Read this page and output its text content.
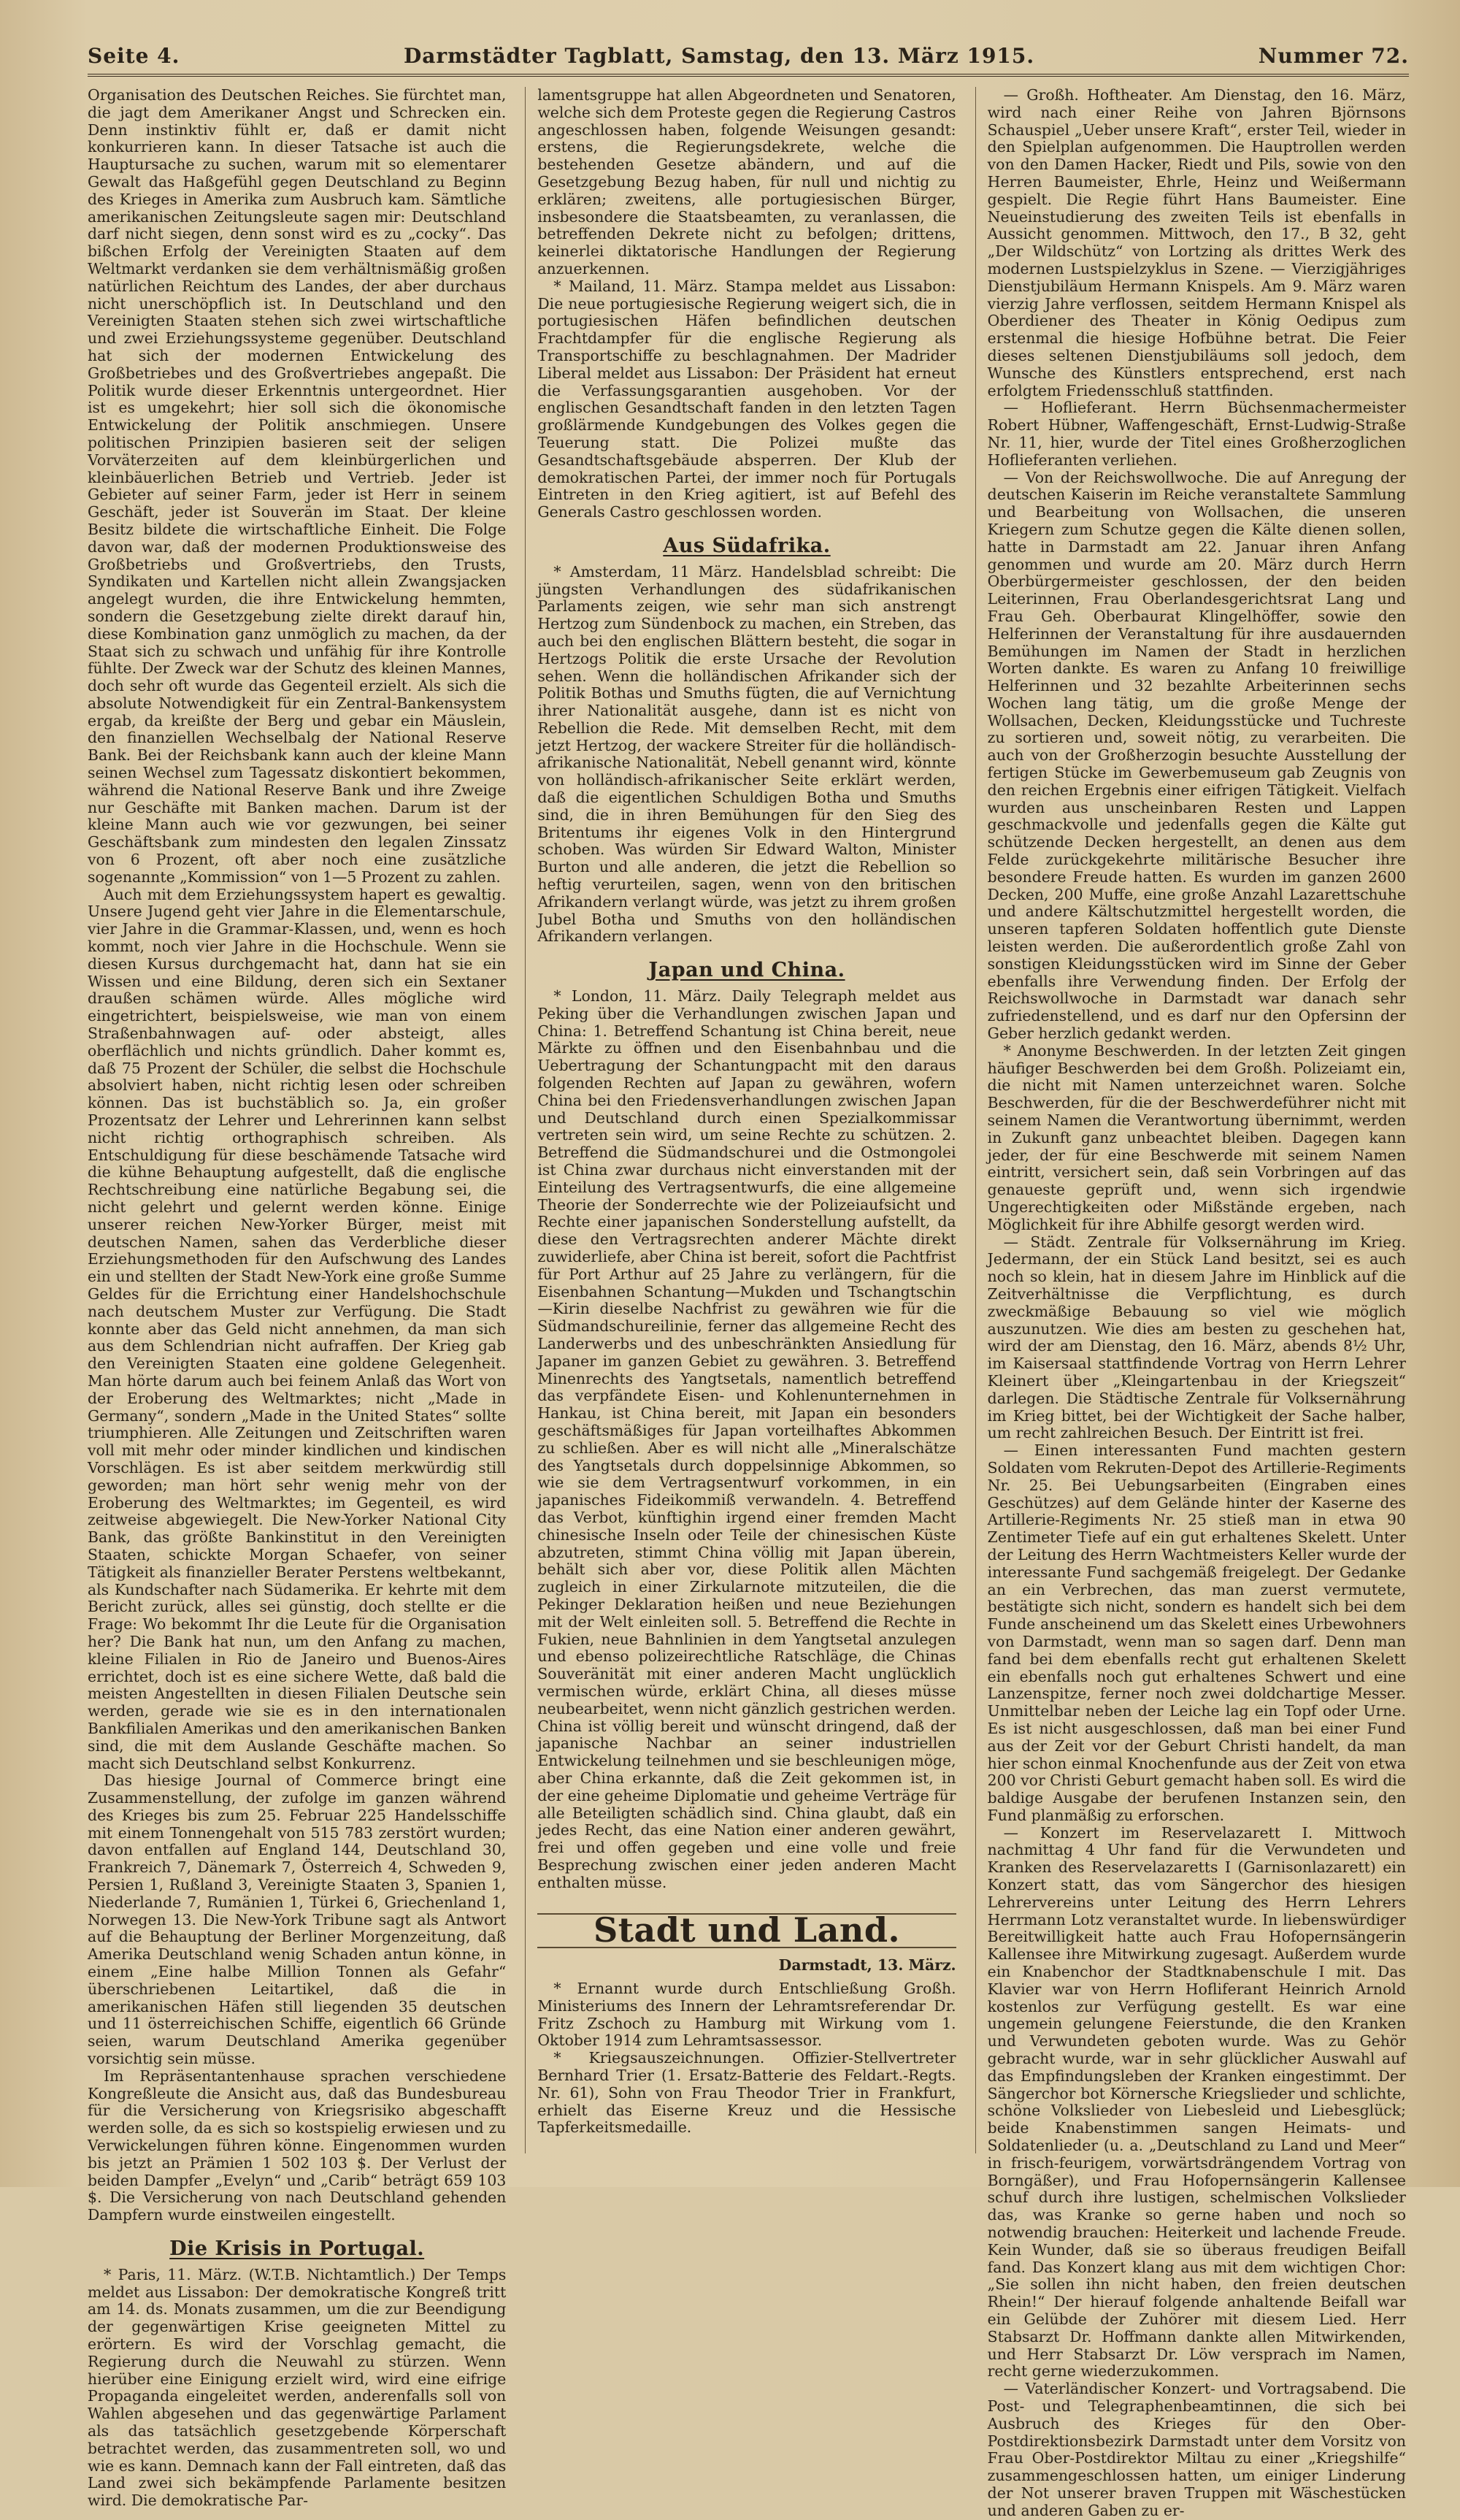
Seite 4.	Darmstädter Tagblatt, Samstag, den 13. März 1915.	Nummer 72.

Organisation des Deutschen Reiches. Sie fürchtet man, die jagt dem Amerikaner Angst und Schrecken ein. Denn instinktiv fühlt er, daß er damit nicht konkurrieren kann. In dieser Tatsache ist auch die Hauptursache zu suchen, warum mit so elementarer Gewalt das Haßgefühl gegen Deutschland zu Beginn des Krieges in Amerika zum Ausbruch kam. Sämtliche amerikanischen Zeitungsleute sagen mir: Deutschland darf nicht siegen, denn sonst wird es zu „cocky“. Das bißchen Erfolg der Vereinigten Staaten auf dem Weltmarkt verdanken sie dem verhältnismäßig großen natürlichen Reichtum des Landes, der aber durchaus nicht unerschöpflich ist. In Deutschland und den Vereinigten Staaten stehen sich zwei wirtschaftliche und zwei Erziehungssysteme gegenüber. Deutschland hat sich der modernen Entwickelung des Großbetriebes und des Großvertriebes angepaßt. Die Politik wurde dieser Erkenntnis untergeordnet. Hier ist es umgekehrt; hier soll sich die ökonomische Entwickelung der Politik anschmiegen. Unsere politischen Prinzipien basieren seit der seligen Vorväterzeiten auf dem kleinbürgerlichen und kleinbäuerlichen Betrieb und Vertrieb. Jeder ist Gebieter auf seiner Farm, jeder ist Herr in seinem Geschäft, jeder ist Souverän im Staat. Der kleine Besitz bildete die wirtschaftliche Einheit. Die Folge davon war, daß der modernen Produktionsweise des Großbetriebs und Großvertriebs, den Trusts, Syndikaten und Kartellen nicht allein Zwangsjacken angelegt wurden, die ihre Entwickelung hemmten, sondern die Gesetzgebung zielte direkt darauf hin, diese Kombination ganz unmöglich zu machen, da der Staat sich zu schwach und unfähig für ihre Kontrolle fühlte. Der Zweck war der Schutz des kleinen Mannes, doch sehr oft wurde das Gegenteil erzielt. Als sich die absolute Notwendigkeit für ein Zentral-Bankensystem ergab, da kreißte der Berg und gebar ein Mäuslein, den finanziellen Wechselbalg der National Reserve Bank. Bei der Reichsbank kann auch der kleine Mann seinen Wechsel zum Tagessatz diskontiert bekommen, während die National Reserve Bank und ihre Zweige nur Geschäfte mit Banken machen. Darum ist der kleine Mann auch wie vor gezwungen, bei seiner Geschäftsbank zum mindesten den legalen Zinssatz von 6 Prozent, oft aber noch eine zusätzliche sogenannte „Kommission“ von 1—5 Prozent zu zahlen.

Auch mit dem Erziehungssystem hapert es gewaltig. Unsere Jugend geht vier Jahre in die Elementarschule, vier Jahre in die Grammar-Klassen, und, wenn es hoch kommt, noch vier Jahre in die Hochschule. Wenn sie diesen Kursus durchgemacht hat, dann hat sie ein Wissen und eine Bildung, deren sich ein Sextaner draußen schämen würde. Alles mögliche wird eingetrichtert, beispielsweise, wie man von einem Straßenbahnwagen auf- oder absteigt, alles oberflächlich und nichts gründlich. Daher kommt es, daß 75 Prozent der Schüler, die selbst die Hochschule absolviert haben, nicht richtig lesen oder schreiben können. Das ist buchstäblich so. Ja, ein großer Prozentsatz der Lehrer und Lehrerinnen kann selbst nicht richtig orthographisch schreiben. Als Entschuldigung für diese beschämende Tatsache wird die kühne Behauptung aufgestellt, daß die englische Rechtschreibung eine natürliche Begabung sei, die nicht gelehrt und gelernt werden könne. Einige unserer reichen New-Yorker Bürger, meist mit deutschen Namen, sahen das Verderbliche dieser Erziehungsmethoden für den Aufschwung des Landes ein und stellten der Stadt New-York eine große Summe Geldes für die Errichtung einer Handelshochschule nach deutschem Muster zur Verfügung. Die Stadt konnte aber das Geld nicht annehmen, da man sich aus dem Schlendrian nicht aufraffen. Der Krieg gab den Vereinigten Staaten eine goldene Gelegenheit. Man hörte darum auch bei feinem Anlaß das Wort von der Eroberung des Weltmarktes; nicht „Made in Germany“, sondern „Made in the United States“ sollte triumphieren. Alle Zeitungen und Zeitschriften waren voll mit mehr oder minder kindlichen und kindischen Vorschlägen. Es ist aber seitdem merkwürdig still geworden; man hört sehr wenig mehr von der Eroberung des Weltmarktes; im Gegenteil, es wird zeitweise abgewiegelt. Die New-Yorker National City Bank, das größte Bankinstitut in den Vereinigten Staaten, schickte Morgan Schaefer, von seiner Tätigkeit als finanzieller Berater Perstens weltbekannt, als Kundschafter nach Südamerika. Er kehrte mit dem Bericht zurück, alles sei günstig, doch stellte er die Frage: Wo bekommt Ihr die Leute für die Organisation her? Die Bank hat nun, um den Anfang zu machen, kleine Filialen in Rio de Janeiro und Buenos-Aires errichtet, doch ist es eine sichere Wette, daß bald die meisten Angestellten in diesen Filialen Deutsche sein werden, gerade wie sie es in den internationalen Bankfilialen Amerikas und den amerikanischen Banken sind, die mit dem Auslande Geschäfte machen. So macht sich Deutschland selbst Konkurrenz.

Das hiesige Journal of Commerce bringt eine Zusammenstellung, der zufolge im ganzen während des Krieges bis zum 25. Februar 225 Handelsschiffe mit einem Tonnengehalt von 515 783 zerstört wurden; davon entfallen auf England 144, Deutschland 30, Frankreich 7, Dänemark 7, Österreich 4, Schweden 9, Persien 1, Rußland 3, Vereinigte Staaten 3, Spanien 1, Niederlande 7, Rumänien 1, Türkei 6, Griechenland 1, Norwegen 13. Die New-York Tribune sagt als Antwort auf die Behauptung der Berliner Morgenzeitung, daß Amerika Deutschland wenig Schaden antun könne, in einem „Eine halbe Million Tonnen als Gefahr“ überschriebenen Leitartikel, daß die in amerikanischen Häfen still liegenden 35 deutschen und 11 österreichischen Schiffe, eigentlich 66 Gründe seien, warum Deutschland Amerika gegenüber vorsichtig sein müsse.

Im Repräsentantenhause sprachen verschiedene Kongreßleute die Ansicht aus, daß das Bundesbureau für die Versicherung von Kriegsrisiko abgeschafft werden solle, da es sich so kostspielig erwiesen und zu Verwickelungen führen könne. Eingenommen wurden bis jetzt an Prämien 1 502 103 $. Der Verlust der beiden Dampfer „Evelyn“ und „Carib“ beträgt 659 103 $. Die Versicherung von nach Deutschland gehenden Dampfern wurde einstweilen eingestellt.

Die Krisis in Portugal.

* Paris, 11. März. (W.T.B. Nichtamtlich.) Der Temps meldet aus Lissabon: Der demokratische Kongreß tritt am 14. ds. Monats zusammen, um die zur Beendigung der gegenwärtigen Krise geeigneten Mittel zu erörtern. Es wird der Vorschlag gemacht, die Regierung durch die Neuwahl zu stürzen. Wenn hierüber eine Einigung erzielt wird, wird eine eifrige Propaganda eingeleitet werden, anderenfalls soll von Wahlen abgesehen und das gegenwärtige Parlament als das tatsächlich gesetzgebende Körperschaft betrachtet werden, das zusammentreten soll, wo und wie es kann. Demnach kann der Fall eintreten, daß das Land zwei sich bekämpfende Parlamente besitzen wird. Die demokratische Par-

lamentsgruppe hat allen Abgeordneten und Senatoren, welche sich dem Proteste gegen die Regierung Castros angeschlossen haben, folgende Weisungen gesandt: erstens, die Regierungsdekrete, welche die bestehenden Gesetze abändern, und auf die Gesetzgebung Bezug haben, für null und nichtig zu erklären; zweitens, alle portugiesischen Bürger, insbesondere die Staatsbeamten, zu veranlassen, die betreffenden Dekrete nicht zu befolgen; drittens, keinerlei diktatorische Handlungen der Regierung anzuerkennen.

* Mailand, 11. März. Stampa meldet aus Lissabon: Die neue portugiesische Regierung weigert sich, die in portugiesischen Häfen befindlichen deutschen Frachtdampfer für die englische Regierung als Transportschiffe zu beschlagnahmen. Der Madrider Liberal meldet aus Lissabon: Der Präsident hat erneut die Verfassungsgarantien ausgehoben. Vor der englischen Gesandtschaft fanden in den letzten Tagen großlärmende Kundgebungen des Volkes gegen die Teuerung statt. Die Polizei mußte das Gesandtschaftsgebäude absperren. Der Klub der demokratischen Partei, der immer noch für Portugals Eintreten in den Krieg agitiert, ist auf Befehl des Generals Castro geschlossen worden.

Aus Südafrika.

* Amsterdam, 11 März. Handelsblad schreibt: Die jüngsten Verhandlungen des südafrikanischen Parlaments zeigen, wie sehr man sich anstrengt Hertzog zum Sündenbock zu machen, ein Streben, das auch bei den englischen Blättern besteht, die sogar in Hertzogs Politik die erste Ursache der Revolution sehen. Wenn die holländischen Afrikander sich der Politik Bothas und Smuths fügten, die auf Vernichtung ihrer Nationalität ausgehe, dann ist es nicht von Rebellion die Rede. Mit demselben Recht, mit dem jetzt Hertzog, der wackere Streiter für die holländisch-afrikanische Nationalität, Nebell genannt wird, könnte von holländisch-afrikanischer Seite erklärt werden, daß die eigentlichen Schuldigen Botha und Smuths sind, die in ihren Bemühungen für den Sieg des Britentums ihr eigenes Volk in den Hintergrund schoben. Was würden Sir Edward Walton, Minister Burton und alle anderen, die jetzt die Rebellion so heftig verurteilen, sagen, wenn von den britischen Afrikandern verlangt würde, was jetzt zu ihrem großen Jubel Botha und Smuths von den holländischen Afrikandern verlangen.

Japan und China.

* London, 11. März. Daily Telegraph meldet aus Peking über die Verhandlungen zwischen Japan und China: 1. Betreffend Schantung ist China bereit, neue Märkte zu öffnen und den Eisenbahnbau und die Uebertragung der Schantungpacht mit den daraus folgenden Rechten auf Japan zu gewähren, wofern China bei den Friedensverhandlungen zwischen Japan und Deutschland durch einen Spezialkommissar vertreten sein wird, um seine Rechte zu schützen. 2. Betreffend die Südmandschurei und die Ostmongolei ist China zwar durchaus nicht einverstanden mit der Einteilung des Vertragsentwurfs, die eine allgemeine Theorie der Sonderrechte wie der Polizeiaufsicht und Rechte einer japanischen Sonderstellung aufstellt, da diese den Vertragsrechten anderer Mächte direkt zuwiderliefe, aber China ist bereit, sofort die Pachtfrist für Port Arthur auf 25 Jahre zu verlängern, für die Eisenbahnen Schantung—Mukden und Tschangtschin—Kirin dieselbe Nachfrist zu gewähren wie für die Südmandschureilinie, ferner das allgemeine Recht des Landerwerbs und des unbeschränkten Ansiedlung für Japaner im ganzen Gebiet zu gewähren. 3. Betreffend Minenrechts des Yangtsetals, namentlich betreffend das verpfändete Eisen- und Kohlenunternehmen in Hankau, ist China bereit, mit Japan ein besonders geschäftsmäßiges für Japan vorteilhaftes Abkommen zu schließen. Aber es will nicht alle „Mineralschätze des Yangtsetals durch doppelsinnige Abkommen, so wie sie dem Vertragsentwurf vorkommen, in ein japanisches Fideikommiß verwandeln. 4. Betreffend das Verbot, künftighin irgend einer fremden Macht chinesische Inseln oder Teile der chinesischen Küste abzutreten, stimmt China völlig mit Japan überein, behält sich aber vor, diese Politik allen Mächten zugleich in einer Zirkularnote mitzuteilen, die die Pekinger Deklaration heißen und neue Beziehungen mit der Welt einleiten soll. 5. Betreffend die Rechte in Fukien, neue Bahnlinien in dem Yangtsetal anzulegen und ebenso polizeirechtliche Ratschläge, die Chinas Souveränität mit einer anderen Macht unglücklich vermischen würde, erklärt China, all dieses müsse neubearbeitet, wenn nicht gänzlich gestrichen werden. China ist völlig bereit und wünscht dringend, daß der japanische Nachbar an seiner industriellen Entwickelung teilnehmen und sie beschleunigen möge, aber China erkannte, daß die Zeit gekommen ist, in der eine geheime Diplomatie und geheime Verträge für alle Beteiligten schädlich sind. China glaubt, daß ein jedes Recht, das eine Nation einer anderen gewährt, frei und offen gegeben und eine volle und freie Besprechung zwischen einer jeden anderen Macht enthalten müsse.

Stadt und Land.
Darmstadt, 13. März.

* Ernannt wurde durch Entschließung Großh. Ministeriums des Innern der Lehramtsreferendar Dr. Fritz Zschoch zu Hamburg mit Wirkung vom 1. Oktober 1914 zum Lehramtsassessor.

* Kriegsauszeichnungen. Offizier-Stellvertreter Bernhard Trier (1. Ersatz-Batterie des Feldart.-Regts. Nr. 61), Sohn von Frau Theodor Trier in Frankfurt, erhielt das Eiserne Kreuz und die Hessische Tapferkeitsmedaille.

— Großh. Hoftheater. Am Dienstag, den 16. März, wird nach einer Reihe von Jahren Björnsons Schauspiel „Ueber unsere Kraft“, erster Teil, wieder in den Spielplan aufgenommen. Die Hauptrollen werden von den Damen Hacker, Riedt und Pils, sowie von den Herren Baumeister, Ehrle, Heinz und Weißermann gespielt. Die Regie führt Hans Baumeister. Eine Neueinstudierung des zweiten Teils ist ebenfalls in Aussicht genommen. Mittwoch, den 17., B 32, geht „Der Wildschütz“ von Lortzing als drittes Werk des modernen Lustspielzyklus in Szene. — Vierzigjähriges Dienstjubiläum Hermann Knispels. Am 9. März waren vierzig Jahre verflossen, seitdem Hermann Knispel als Oberdiener des Theater in König Oedipus zum erstenmal die hiesige Hofbühne betrat. Die Feier dieses seltenen Dienstjubiläums soll jedoch, dem Wunsche des Künstlers entsprechend, erst nach erfolgtem Friedensschluß stattfinden.

— Hoflieferant. Herrn Büchsenmachermeister Robert Hübner, Waffengeschäft, Ernst-Ludwig-Straße Nr. 11, hier, wurde der Titel eines Großherzoglichen Hoflieferanten verliehen.

— Von der Reichswollwoche. Die auf Anregung der deutschen Kaiserin im Reiche veranstaltete Sammlung und Bearbeitung von Wollsachen, die unseren Kriegern zum Schutze gegen die Kälte dienen sollen, hatte in Darmstadt am 22. Januar ihren Anfang genommen und wurde am 20. März durch Herrn Oberbürgermeister geschlossen, der den beiden Leiterinnen, Frau Oberlandesgerichtsrat Lang und Frau Geh. Oberbaurat Klingelhöffer, sowie den Helferinnen der Veranstaltung für ihre ausdauernden Bemühungen im Namen der Stadt in herzlichen Worten dankte. Es waren zu Anfang 10 freiwillige Helferinnen und 32 bezahlte Arbeiterinnen sechs Wochen lang tätig, um die große Menge der Wollsachen, Decken, Kleidungsstücke und Tuchreste zu sortieren und, soweit nötig, zu verarbeiten. Die auch von der Großherzogin besuchte Ausstellung der fertigen Stücke im Gewerbemuseum gab Zeugnis von den reichen Ergebnis einer eifrigen Tätigkeit. Vielfach wurden aus unscheinbaren Resten und Lappen geschmackvolle und jedenfalls gegen die Kälte gut schützende Decken hergestellt, an denen aus dem Felde zurückgekehrte militärische Besucher ihre besondere Freude hatten. Es wurden im ganzen 2600 Decken, 200 Muffe, eine große Anzahl Lazarettschuhe und andere Kältschutzmittel hergestellt worden, die unseren tapferen Soldaten hoffentlich gute Dienste leisten werden. Die außerordentlich große Zahl von sonstigen Kleidungsstücken wird im Sinne der Geber ebenfalls ihre Verwendung finden. Der Erfolg der Reichswollwoche in Darmstadt war danach sehr zufriedenstellend, und es darf nur den Opfersinn der Geber herzlich gedankt werden.

* Anonyme Beschwerden. In der letzten Zeit gingen häufiger Beschwerden bei dem Großh. Polizeiamt ein, die nicht mit Namen unterzeichnet waren. Solche Beschwerden, für die der Beschwerdeführer nicht mit seinem Namen die Verantwortung übernimmt, werden in Zukunft ganz unbeachtet bleiben. Dagegen kann jeder, der für eine Beschwerde mit seinem Namen eintritt, versichert sein, daß sein Vorbringen auf das genaueste geprüft und, wenn sich irgendwie Ungerechtigkeiten oder Mißstände ergeben, nach Möglichkeit für ihre Abhilfe gesorgt werden wird.

— Städt. Zentrale für Volksernährung im Krieg. Jedermann, der ein Stück Land besitzt, sei es auch noch so klein, hat in diesem Jahre im Hinblick auf die Zeitverhältnisse die Verpflichtung, es durch zweckmäßige Bebauung so viel wie möglich auszunutzen. Wie dies am besten zu geschehen hat, wird der am Dienstag, den 16. März, abends 8½ Uhr, im Kaisersaal stattfindende Vortrag von Herrn Lehrer Kleinert über „Kleingartenbau in der Kriegszeit“ darlegen. Die Städtische Zentrale für Volksernährung im Krieg bittet, bei der Wichtigkeit der Sache halber, um recht zahlreichen Besuch. Der Eintritt ist frei.

— Einen interessanten Fund machten gestern Soldaten vom Rekruten-Depot des Artillerie-Regiments Nr. 25. Bei Uebungsarbeiten (Eingraben eines Geschützes) auf dem Gelände hinter der Kaserne des Artillerie-Regiments Nr. 25 stieß man in etwa 90 Zentimeter Tiefe auf ein gut erhaltenes Skelett. Unter der Leitung des Herrn Wachtmeisters Keller wurde der interessante Fund sachgemäß freigelegt. Der Gedanke an ein Verbrechen, das man zuerst vermutete, bestätigte sich nicht, sondern es handelt sich bei dem Funde anscheinend um das Skelett eines Urbewohners von Darmstadt, wenn man so sagen darf. Denn man fand bei dem ebenfalls recht gut erhaltenen Skelett ein ebenfalls noch gut erhaltenes Schwert und eine Lanzenspitze, ferner noch zwei doldchartige Messer. Unmittelbar neben der Leiche lag ein Topf oder Urne. Es ist nicht ausgeschlossen, daß man bei einer Fund aus der Zeit vor der Geburt Christi handelt, da man hier schon einmal Knochenfunde aus der Zeit von etwa 200 vor Christi Geburt gemacht haben soll. Es wird die baldige Ausgabe der berufenen Instanzen sein, den Fund planmäßig zu erforschen.

— Konzert im Reservelazarett I. Mittwoch nachmittag 4 Uhr fand für die Verwundeten und Kranken des Reservelazaretts I (Garnisonlazarett) ein Konzert statt, das vom Sängerchor des hiesigen Lehrervereins unter Leitung des Herrn Lehrers Herrmann Lotz veranstaltet wurde. In liebenswürdiger Bereitwilligkeit hatte auch Frau Hofopernsängerin Kallensee ihre Mitwirkung zugesagt. Außerdem wurde ein Knabenchor der Stadtknabenschule I mit. Das Klavier war von Herrn Hofliferant Heinrich Arnold kostenlos zur Verfügung gestellt. Es war eine ungemein gelungene Feierstunde, die den Kranken und Verwundeten geboten wurde. Was zu Gehör gebracht wurde, war in sehr glücklicher Auswahl auf das Empfindungsleben der Kranken eingestimmt. Der Sängerchor bot Körnersche Kriegslieder und schlichte, schöne Volkslieder von Liebesleid und Liebesglück; beide Knabenstimmen sangen Heimats- und Soldatenlieder (u. a. „Deutschland zu Land und Meer“ in frisch-feurigem, vorwärtsdrängendem Vortrag von Borngäßer), und Frau Hofopernsängerin Kallensee schuf durch ihre lustigen, schelmischen Volkslieder das, was Kranke so gerne haben und noch so notwendig brauchen: Heiterkeit und lachende Freude. Kein Wunder, daß sie so überaus freudigen Beifall fand. Das Konzert klang aus mit dem wichtigen Chor: „Sie sollen ihn nicht haben, den freien deutschen Rhein!“ Der hierauf folgende anhaltende Beifall war ein Gelübde der Zuhörer mit diesem Lied. Herr Stabsarzt Dr. Hoffmann dankte allen Mitwirkenden, und Herr Stabsarzt Dr. Löw versprach im Namen, recht gerne wiederzukommen.

— Vaterländischer Konzert- und Vortragsabend. Die Post- und Telegraphenbeamtinnen, die sich bei Ausbruch des Krieges für den Ober-Postdirektionsbezirk Darmstadt unter dem Vorsitz von Frau Ober-Postdirektor Miltau zu einer „Kriegshilfe“ zusammengeschlossen hatten, um einiger Linderung der Not unserer braven Truppen mit Wäschestücken und anderen Gaben zu er-
